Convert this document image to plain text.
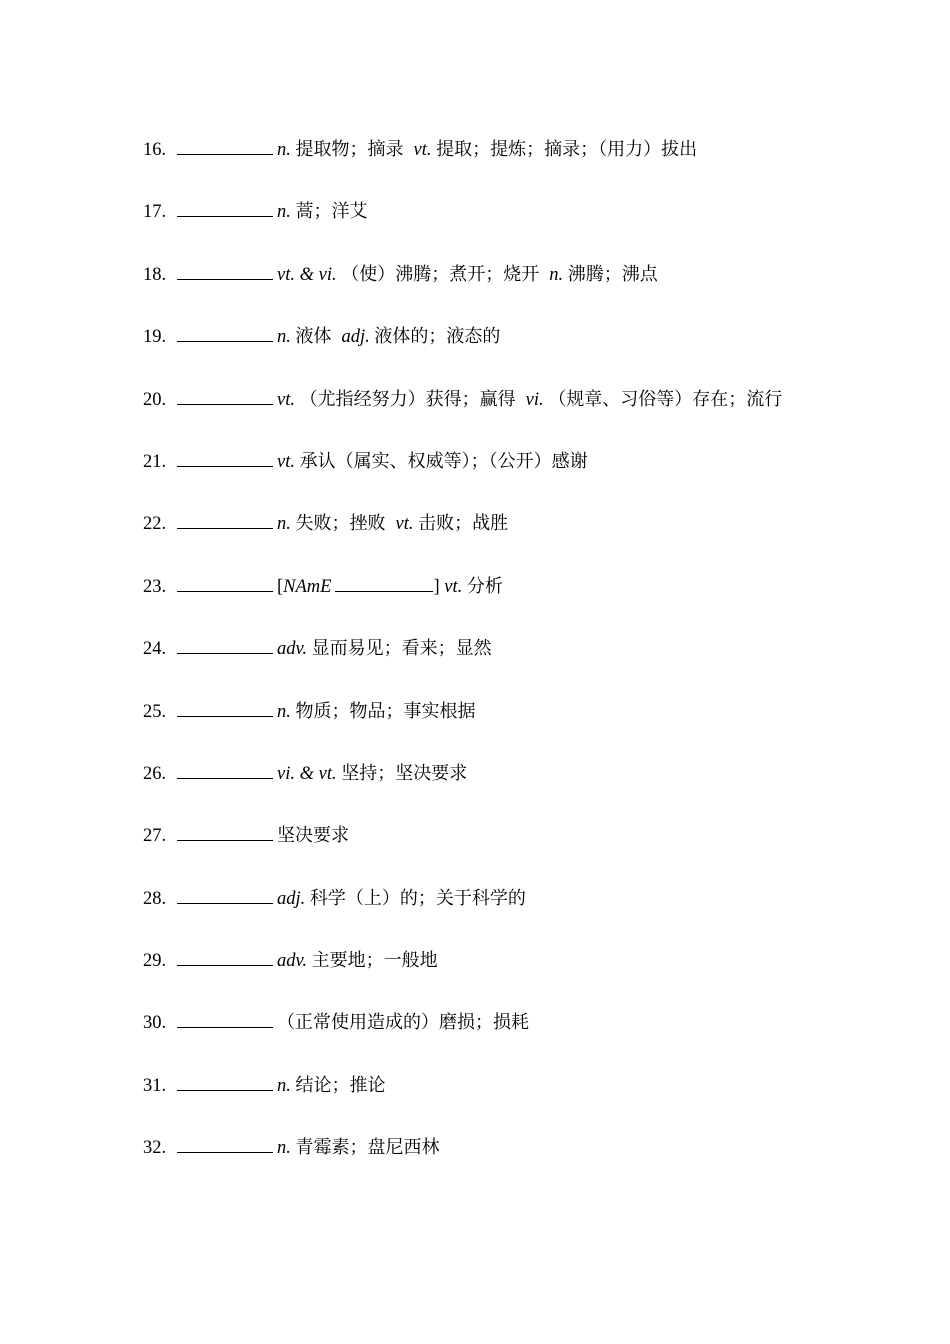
16.	n. 提取物；摘录 vt. 提取；提炼；摘录；（用力）拔出
17.	n. 蒿；洋艾
18.	vt. & vi. （使）沸腾；煮开；烧开 n. 沸腾；沸点
19.	n. 液体 adj. 液体的；液态的
20.	vt. （尤指经努力）获得；赢得 vi. （规章、习俗等）存在；流行
21.	vt. 承认（属实、权威等）；（公开）感谢
22.	n. 失败；挫败 vt. 击败；战胜
23.	[NAmE	] vt. 分析
24.	adv. 显而易见；看来；显然
25.	n. 物质；物品；事实根据
26.	vi. & vt. 坚持；坚决要求
27.	坚决要求
28.	adj. 科学（上）的；关于科学的
29.	adv. 主要地；一般地
30.	（正常使用造成的）磨损；损耗
31.	n. 结论；推论
32.	n. 青霉素；盘尼西林
